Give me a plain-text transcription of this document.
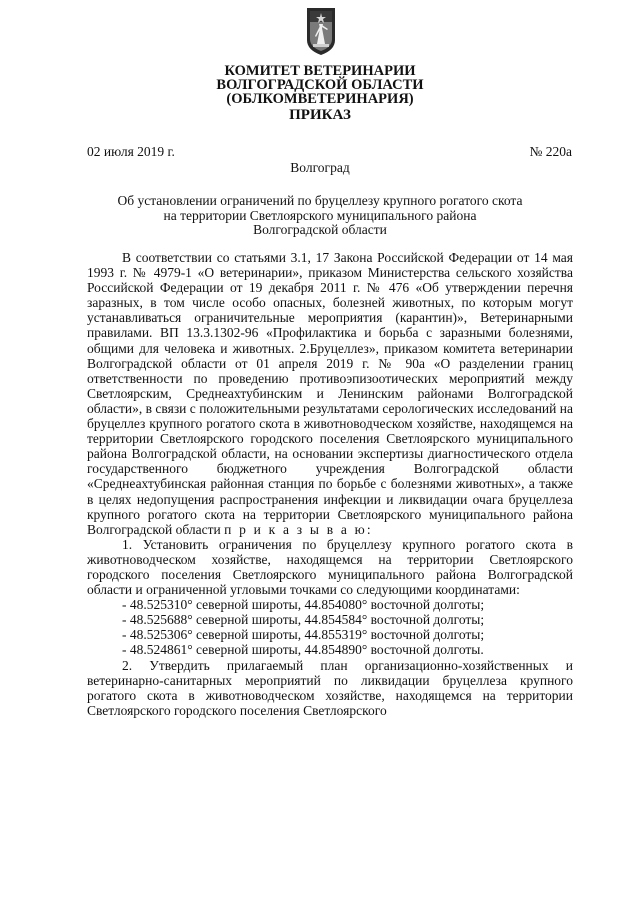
КОМИТЕТ ВЕТЕРИНАРИИ
ВОЛГОГРАДСКОЙ ОБЛАСТИ
(ОБЛКОМВЕТЕРИНАРИЯ)
ПРИКАЗ
02 июля 2019 г.	№ 220а
Волгоград
Об установлении ограничений по бруцеллезу крупного рогатого скота
на территории Светлоярского муниципального района
Волгоградской области

В соответствии со статьями 3.1, 17 Закона Российской Федерации от 14 мая 1993 г. № 4979-1 «О ветеринарии», приказом Министерства сельского хозяйства Российской Федерации от 19 декабря 2011 г. № 476 «Об утверждении перечня заразных, в том числе особо опасных, болезней животных, по которым могут устанавливаться ограничительные мероприятия (карантин)», Ветеринарными правилами. ВП 13.3.1302-96 «Профилактика и борьба с заразными болезнями, общими для человека и животных. 2.Бруцеллез», приказом комитета ветеринарии Волгоградской области от 01 апреля 2019 г. № 90а «О разделении границ ответственности по проведению противоэпизоотических мероприятий между Светлоярским, Среднеахтубинским и Ленинским районами Волгоградской области», в связи с положительными результатами серологических исследований на бруцеллез крупного рогатого скота в животноводческом хозяйстве, находящемся на территории Светлоярского городского поселения Светлоярского муниципального района Волгоградской области, на основании экспертизы диагностического отдела государственного бюджетного учреждения Волгоградской области «Среднеахтубинская районная станция по борьбе с болезнями животных», а также в целях недопущения распространения инфекции и ликвидации очага бруцеллеза крупного рогатого скота на территории Светлоярского муниципального района Волгоградской области п р и к а з ы в а ю:

1. Установить ограничения по бруцеллезу крупного рогатого скота в животноводческом хозяйстве, находящемся на территории Светлоярского городского поселения Светлоярского муниципального района Волгоградской области и ограниченной угловыми точками со следующими координатами:

- 48.525310° северной широты, 44.854080° восточной долготы;
- 48.525688° северной широты, 44.854584° восточной долготы;
- 48.525306° северной широты, 44.855319° восточной долготы;
- 48.524861° северной широты, 44.854890° восточной долготы.

2. Утвердить прилагаемый план организационно-хозяйственных и ветеринарно-санитарных мероприятий по ликвидации бруцеллеза крупного рогатого скота в животноводческом хозяйстве, находящемся на территории Светлоярского городского поселения Светлоярского
